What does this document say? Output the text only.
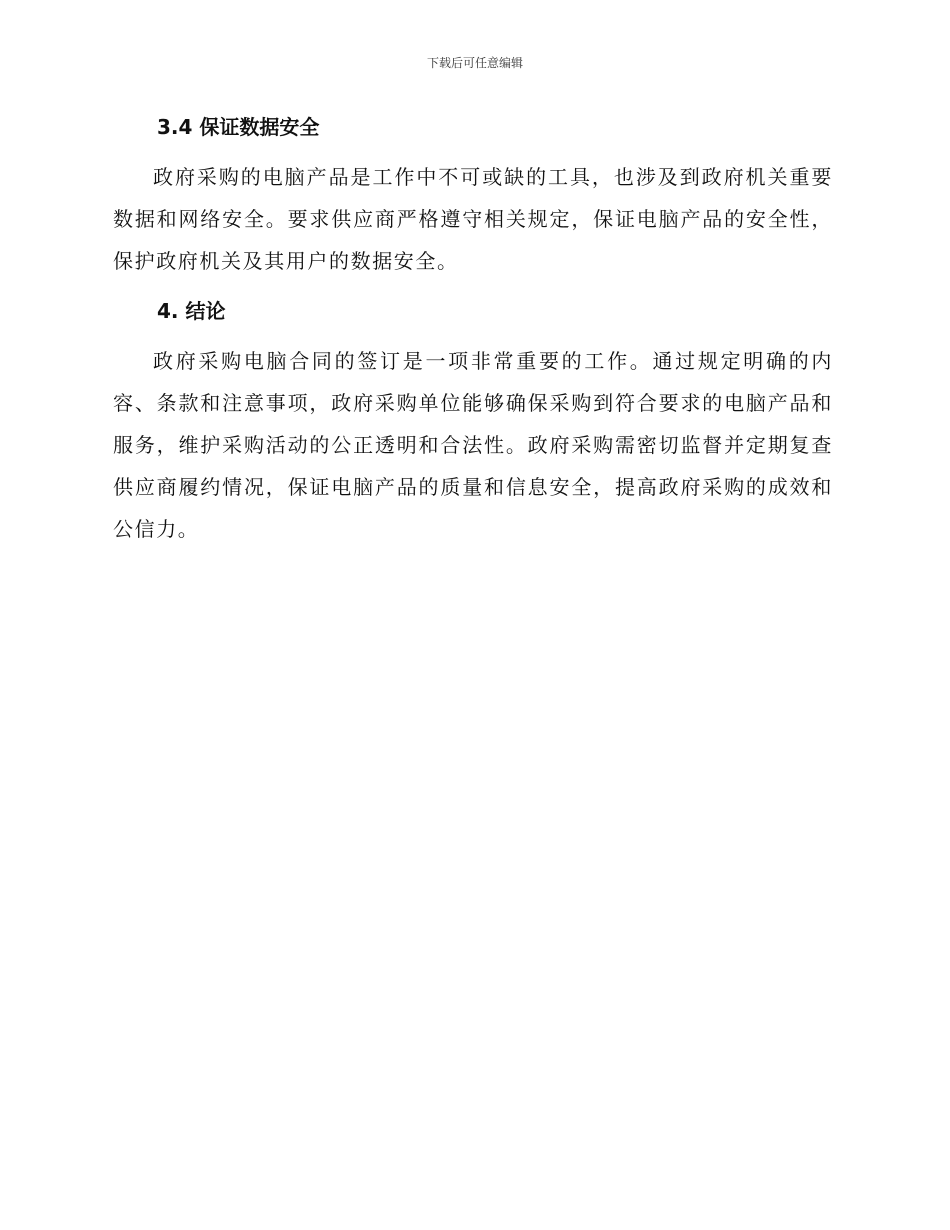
下载后可任意编辑
3.4 保证数据安全

政府采购的电脑产品是工作中不可或缺的工具，也涉及到政府机关重要数据和网络安全。要求供应商严格遵守相关规定，保证电脑产品的安全性，保护政府机关及其用户的数据安全。

4. 结论

政府采购电脑合同的签订是一项非常重要的工作。通过规定明确的内容、条款和注意事项，政府采购单位能够确保采购到符合要求的电脑产品和服务，维护采购活动的公正透明和合法性。政府采购需密切监督并定期复查供应商履约情况，保证电脑产品的质量和信息安全，提高政府采购的成效和公信力。
